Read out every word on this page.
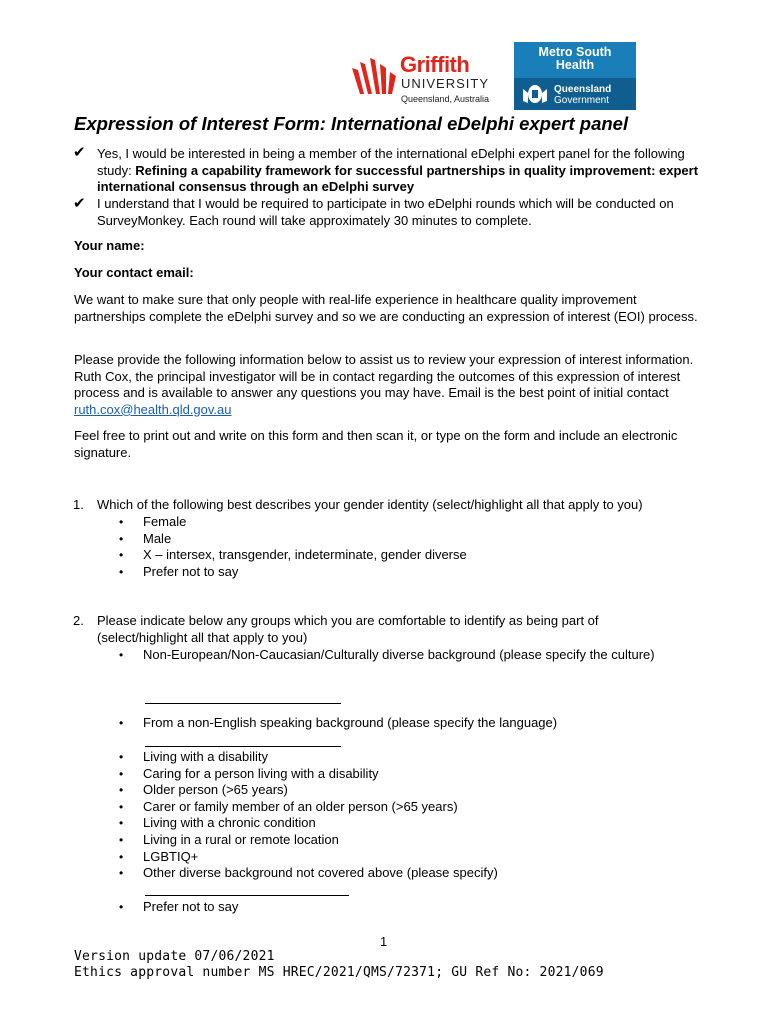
Griffith
UNIVERSITY
Queensland, Australia
Metro South
Health
Queensland
Government
Expression of Interest Form: International eDelphi expert panel
✔ Yes, I would be interested in being a member of the international eDelphi expert panel for the following study: Refining a capability framework for successful partnerships in quality improvement: expert international consensus through an eDelphi survey
✔ I understand that I would be required to participate in two eDelphi rounds which will be conducted on SurveyMonkey. Each round will take approximately 30 minutes to complete.
Your name:
Your contact email:
We want to make sure that only people with real-life experience in healthcare quality improvement partnerships complete the eDelphi survey and so we are conducting an expression of interest (EOI) process.
Please provide the following information below to assist us to review your expression of interest information. Ruth Cox, the principal investigator will be in contact regarding the outcomes of this expression of interest process and is available to answer any questions you may have. Email is the best point of initial contact ruth.cox@health.qld.gov.au
Feel free to print out and write on this form and then scan it, or type on the form and include an electronic signature.
1. Which of the following best describes your gender identity (select/highlight all that apply to you)
• Female
• Male
• X – intersex, transgender, indeterminate, gender diverse
• Prefer not to say
2. Please indicate below any groups which you are comfortable to identify as being part of (select/highlight all that apply to you)
• Non-European/Non-Caucasian/Culturally diverse background (please specify the culture)
• From a non-English speaking background (please specify the language)
• Living with a disability
• Caring for a person living with a disability
• Older person (>65 years)
• Carer or family member of an older person (>65 years)
• Living with a chronic condition
• Living in a rural or remote location
• LGBTIQ+
• Other diverse background not covered above (please specify)
• Prefer not to say
1
Version update 07/06/2021
Ethics approval number MS HREC/2021/QMS/72371; GU Ref No: 2021/069
